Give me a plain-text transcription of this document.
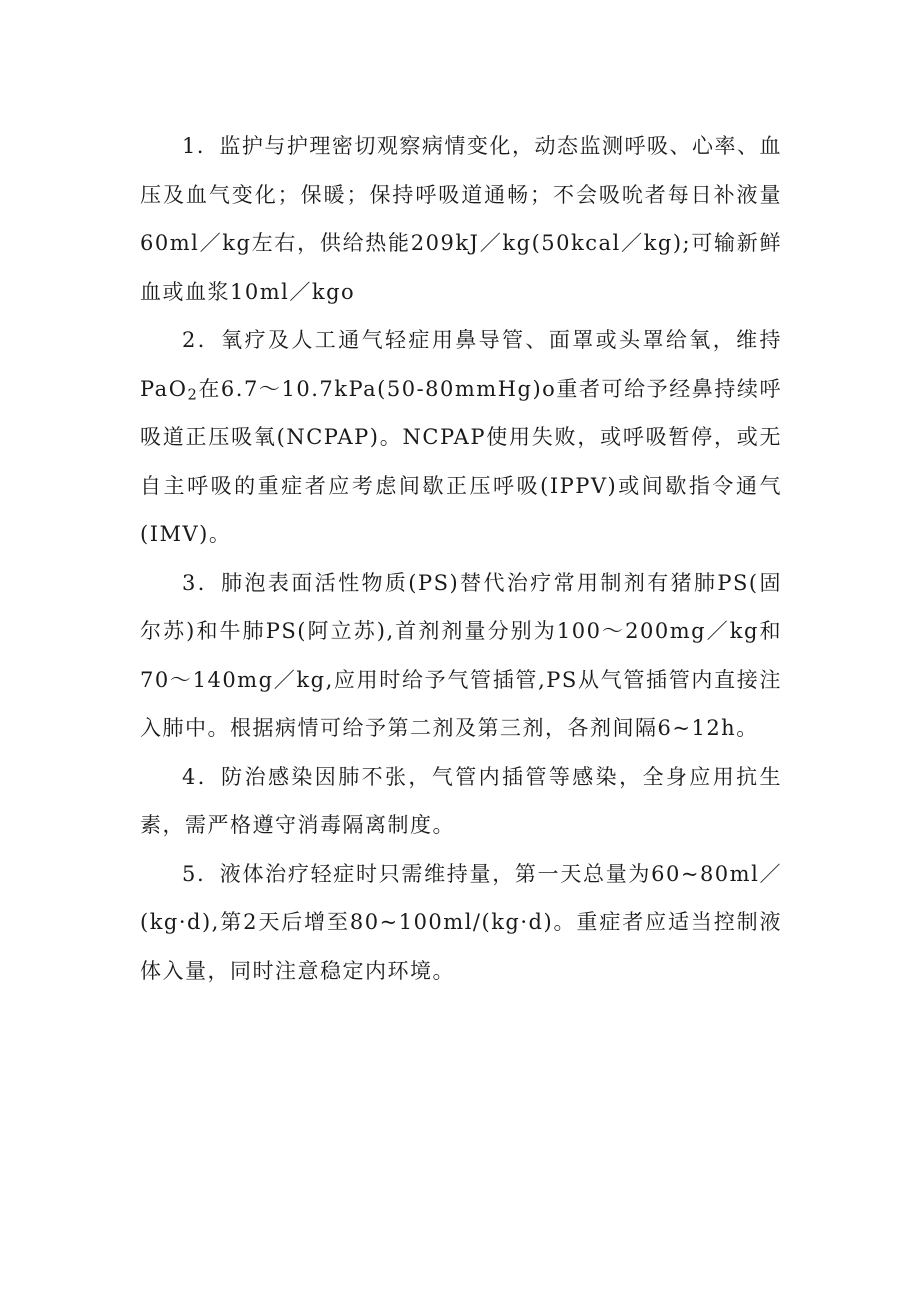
1．监护与护理密切观察病情变化，动态监测呼吸、心率、血压及血气变化；保暖；保持呼吸道通畅；不会吸吮者每日补液量60ml／kg左右，供给热能209kJ／kg(50kcal／kg);可输新鲜血或血浆10ml／kgo

2．氧疗及人工通气轻症用鼻导管、面罩或头罩给氧，维持PaO$_2$在6.7～10.7kPa(50-80mmHg)o重者可给予经鼻持续呼吸道正压吸氧(NCPAP)。NCPAP使用失败，或呼吸暂停，或无自主呼吸的重症者应考虑间歇正压呼吸(IPPV)或间歇指令通气(IMV)。

3．肺泡表面活性物质(PS)替代治疗常用制剂有猪肺PS(固尔苏)和牛肺PS(阿立苏),首剂剂量分别为100～200mg／kg和70～140mg／kg,应用时给予气管插管,PS从气管插管内直接注入肺中。根据病情可给予第二剂及第三剂，各剂间隔6~12h。

4．防治感染因肺不张，气管内插管等感染，全身应用抗生素，需严格遵守消毒隔离制度。

5．液体治疗轻症时只需维持量，第一天总量为60~80ml／(kg·d),第2天后增至80~100ml/(kg·d)。重症者应适当控制液体入量，同时注意稳定内环境。
